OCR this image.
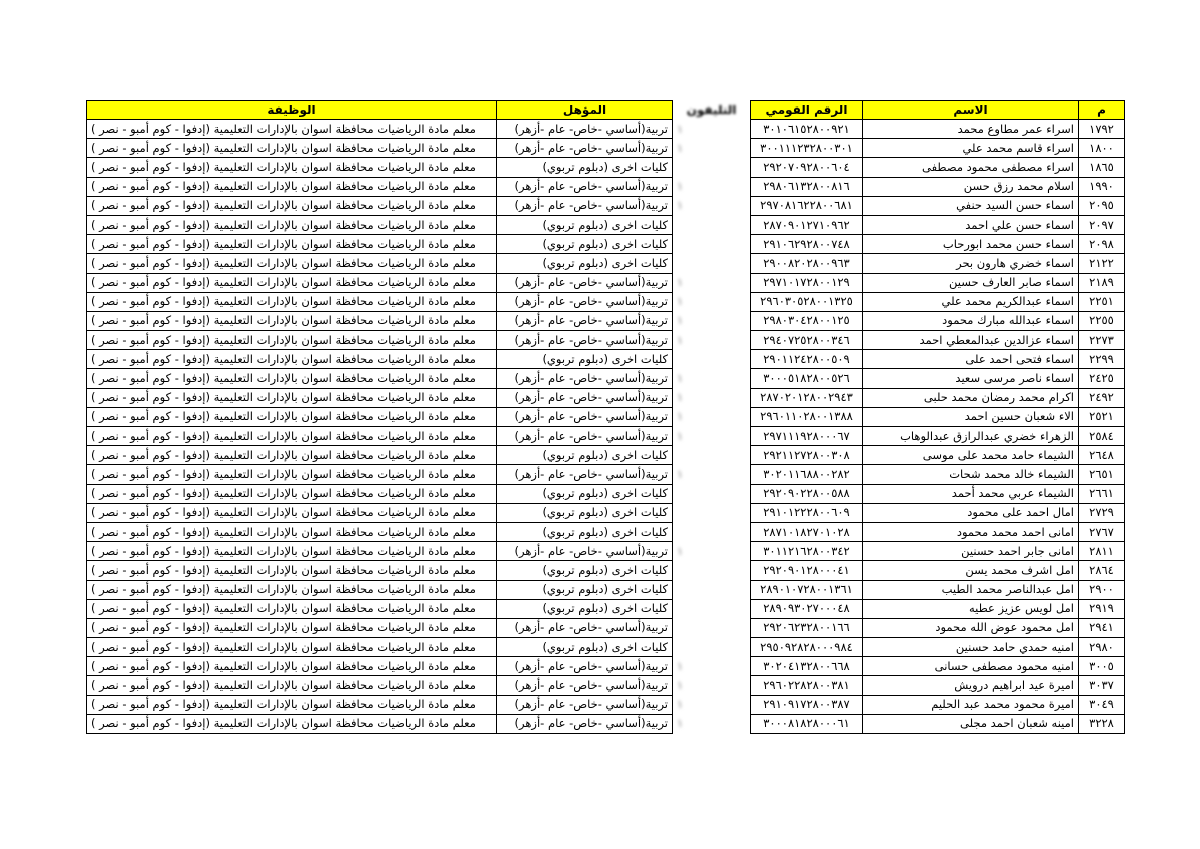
الوظيفة	المؤهل	التليفون	الرقم القومي	الاسم	م
معلم مادة الرياضيات محافظة اسوان بالإدارات التعليمية (إدفوا - كوم أمبو - نصر )	تربية(أساسي -خاص- عام -أزهر)	١	٣٠١٠٦١٥٢٨٠٠٩٢١	اسراء عمر مطاوع محمد	١٧٩٢
معلم مادة الرياضيات محافظة اسوان بالإدارات التعليمية (إدفوا - كوم أمبو - نصر )	تربية(أساسي -خاص- عام -أزهر)	١	٣٠٠١١١٢٣٢٨٠٠٣٠١	اسراء قاسم محمد علي	١٨٠٠
معلم مادة الرياضيات محافظة اسوان بالإدارات التعليمية (إدفوا - كوم أمبو - نصر )	كليات اخرى (دبلوم تربوي)		٢٩٢٠٧٠٩٢٨٠٠٦٠٤	اسراء مصطفى محمود مصطفى	١٨٦٥
معلم مادة الرياضيات محافظة اسوان بالإدارات التعليمية (إدفوا - كوم أمبو - نصر )	تربية(أساسي -خاص- عام -أزهر)	١	٢٩٨٠٦١٣٢٨٠٠٨١٦	اسلام محمد رزق حسن	١٩٩٠
معلم مادة الرياضيات محافظة اسوان بالإدارات التعليمية (إدفوا - كوم أمبو - نصر )	تربية(أساسي -خاص- عام -أزهر)	١	٢٩٧٠٨١٦٢٢٨٠٠٦٨١	اسماء حسن السيد حنفي	٢٠٩٥
معلم مادة الرياضيات محافظة اسوان بالإدارات التعليمية (إدفوا - كوم أمبو - نصر )	كليات اخرى (دبلوم تربوي)		٢٨٧٠٩٠١٢٧١٠٩٦٢	اسماء حسن علي احمد	٢٠٩٧
معلم مادة الرياضيات محافظة اسوان بالإدارات التعليمية (إدفوا - كوم أمبو - نصر )	كليات اخرى (دبلوم تربوي)		٢٩١٠٦٢٩٢٨٠٠٧٤٨	اسماء حسن محمد ابورحاب	٢٠٩٨
معلم مادة الرياضيات محافظة اسوان بالإدارات التعليمية (إدفوا - كوم أمبو - نصر )	كليات اخرى (دبلوم تربوي)		٢٩٠٠٨٢٠٢٨٠٠٩٦٣	اسماء خضري هارون بحر	٢١٢٢
معلم مادة الرياضيات محافظة اسوان بالإدارات التعليمية (إدفوا - كوم أمبو - نصر )	تربية(أساسي -خاص- عام -أزهر)	١	٢٩٧١٠١٧٢٨٠٠١٢٩	اسماء صابر العارف حسين	٢١٨٩
معلم مادة الرياضيات محافظة اسوان بالإدارات التعليمية (إدفوا - كوم أمبو - نصر )	تربية(أساسي -خاص- عام -أزهر)	١	٢٩٦٠٣٠٥٢٨٠٠١٣٢٥	اسماء عبدالكريم محمد علي	٢٢٥١
معلم مادة الرياضيات محافظة اسوان بالإدارات التعليمية (إدفوا - كوم أمبو - نصر )	تربية(أساسي -خاص- عام -أزهر)	١	٢٩٨٠٣٠٤٢٨٠٠١٢٥	اسماء عبدالله مبارك محمود	٢٢٥٥
معلم مادة الرياضيات محافظة اسوان بالإدارات التعليمية (إدفوا - كوم أمبو - نصر )	تربية(أساسي -خاص- عام -أزهر)	١	٢٩٤٠٧٢٥٢٨٠٠٣٤٦	اسماء عزالدين عبدالمعطي احمد	٢٢٧٣
معلم مادة الرياضيات محافظة اسوان بالإدارات التعليمية (إدفوا - كوم أمبو - نصر )	كليات اخرى (دبلوم تربوي)		٢٩٠١١٢٤٢٨٠٠٥٠٩	اسماء فتحى احمد على	٢٢٩٩
معلم مادة الرياضيات محافظة اسوان بالإدارات التعليمية (إدفوا - كوم أمبو - نصر )	تربية(أساسي -خاص- عام -أزهر)	١	٣٠٠٠٥١٨٢٨٠٠٥٢٦	اسماء ناصر مرسى سعيد	٢٤٢٥
معلم مادة الرياضيات محافظة اسوان بالإدارات التعليمية (إدفوا - كوم أمبو - نصر )	تربية(أساسي -خاص- عام -أزهر)	١	٢٨٧٠٢٠١٢٨٠٠٢٩٤٣	اكرام محمد رمضان محمد حلبى	٢٤٩٢
معلم مادة الرياضيات محافظة اسوان بالإدارات التعليمية (إدفوا - كوم أمبو - نصر )	تربية(أساسي -خاص- عام -أزهر)	١	٢٩٦٠١١٠٢٨٠٠١٣٨٨	الاء شعبان حسين احمد	٢٥٢١
معلم مادة الرياضيات محافظة اسوان بالإدارات التعليمية (إدفوا - كوم أمبو - نصر )	تربية(أساسي -خاص- عام -أزهر)	١	٢٩٧١١١٩٢٨٠٠٠٦٧	الزهراء خضري عبدالرازق عبدالوهاب	٢٥٨٤
معلم مادة الرياضيات محافظة اسوان بالإدارات التعليمية (إدفوا - كوم أمبو - نصر )	كليات اخرى (دبلوم تربوي)		٢٩٢١١٢٧٢٨٠٠٣٠٨	الشيماء حامد محمد على موسى	٢٦٤٨
معلم مادة الرياضيات محافظة اسوان بالإدارات التعليمية (إدفوا - كوم أمبو - نصر )	تربية(أساسي -خاص- عام -أزهر)	١	٣٠٢٠١١٦٨٨٠٠٢٨٢	الشيماء خالد محمد شحات	٢٦٥١
معلم مادة الرياضيات محافظة اسوان بالإدارات التعليمية (إدفوا - كوم أمبو - نصر )	كليات اخرى (دبلوم تربوي)		٢٩٢٠٩٠٢٢٨٠٠٥٨٨	الشيماء عربي محمد أحمد	٢٦٦١
معلم مادة الرياضيات محافظة اسوان بالإدارات التعليمية (إدفوا - كوم أمبو - نصر )	كليات اخرى (دبلوم تربوي)		٢٩١٠١٢٢٢٨٠٠٦٠٩	امال احمد على محمود	٢٧٢٩
معلم مادة الرياضيات محافظة اسوان بالإدارات التعليمية (إدفوا - كوم أمبو - نصر )	كليات اخرى (دبلوم تربوي)		٢٨٧١٠١٨٢٧٠١٠٢٨	امانى احمد محمد محمود	٢٧٦٧
معلم مادة الرياضيات محافظة اسوان بالإدارات التعليمية (إدفوا - كوم أمبو - نصر )	تربية(أساسي -خاص- عام -أزهر)	١	٣٠١١٢١٦٢٨٠٠٣٤٢	امانى جابر احمد حسنين	٢٨١١
معلم مادة الرياضيات محافظة اسوان بالإدارات التعليمية (إدفوا - كوم أمبو - نصر )	كليات اخرى (دبلوم تربوي)		٢٩٢٠٩٠١٢٨٠٠٠٤١	امل اشرف محمد يسن	٢٨٦٤
معلم مادة الرياضيات محافظة اسوان بالإدارات التعليمية (إدفوا - كوم أمبو - نصر )	كليات اخرى (دبلوم تربوي)		٢٨٩٠١٠٧٢٨٠٠١٣٦١	امل عبدالناصر محمد الطيب	٢٩٠٠
معلم مادة الرياضيات محافظة اسوان بالإدارات التعليمية (إدفوا - كوم أمبو - نصر )	كليات اخرى (دبلوم تربوي)		٢٨٩٠٩٣٠٢٧٠٠٠٤٨	امل لويس عزيز عطيه	٢٩١٩
معلم مادة الرياضيات محافظة اسوان بالإدارات التعليمية (إدفوا - كوم أمبو - نصر )	تربية(أساسي -خاص- عام -أزهر)		٢٩٢٠٦٢٣٢٨٠٠١٦٦	امل محمود عوض الله محمود	٢٩٤١
معلم مادة الرياضيات محافظة اسوان بالإدارات التعليمية (إدفوا - كوم أمبو - نصر )	كليات اخرى (دبلوم تربوي)		٢٩٥٠٩٢٨٢٨٠٠٠٩٨٤	امنيه حمدي حامد حسنين	٢٩٨٠
معلم مادة الرياضيات محافظة اسوان بالإدارات التعليمية (إدفوا - كوم أمبو - نصر )	تربية(أساسي -خاص- عام -أزهر)	١	٣٠٢٠٤١٣٢٨٠٠٦٦٨	امنيه محمود مصطفى حسانى	٣٠٠٥
معلم مادة الرياضيات محافظة اسوان بالإدارات التعليمية (إدفوا - كوم أمبو - نصر )	تربية(أساسي -خاص- عام -أزهر)	١	٢٩٦٠٢٢٨٢٨٠٠٣٨١	اميرة عيد ابراهيم درويش	٣٠٣٧
معلم مادة الرياضيات محافظة اسوان بالإدارات التعليمية (إدفوا - كوم أمبو - نصر )	تربية(أساسي -خاص- عام -أزهر)	١	٢٩١٠٩١٧٢٨٠٠٣٨٧	اميرة محمود محمد عبد الحليم	٣٠٤٩
معلم مادة الرياضيات محافظة اسوان بالإدارات التعليمية (إدفوا - كوم أمبو - نصر )	تربية(أساسي -خاص- عام -أزهر)	١	٣٠٠٠٨١٨٢٨٠٠٠٦١	امينه شعبان احمد مجلى	٣٢٢٨
